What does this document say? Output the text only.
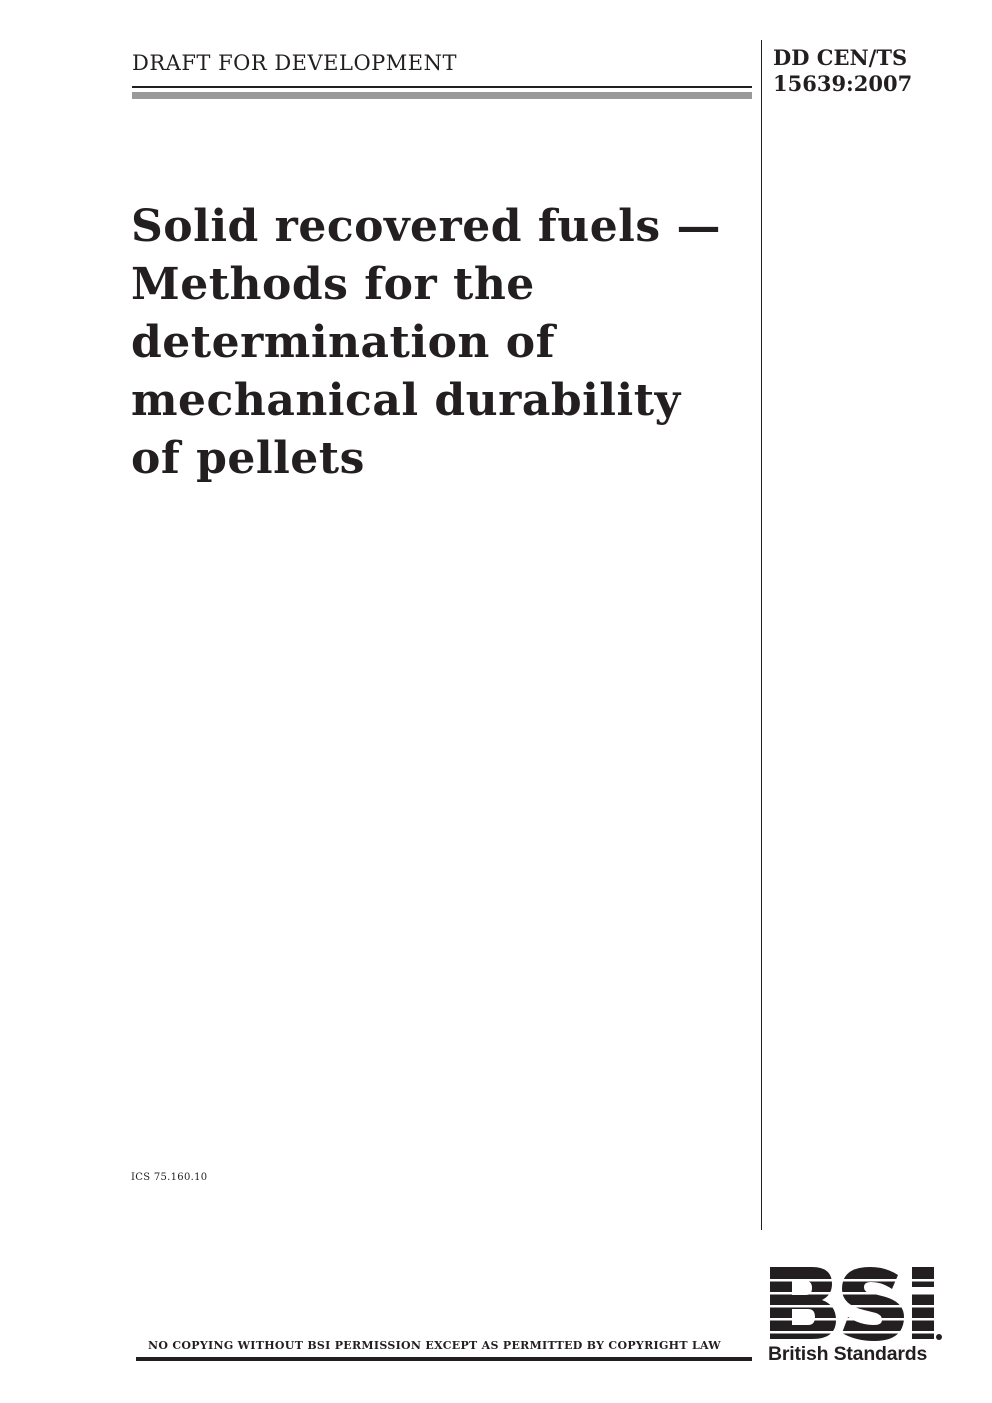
DRAFT FOR DEVELOPMENT	DD CEN/TS
15639:2007
Solid recovered fuels —
Methods for the
determination of
mechanical durability
of pellets
ICS 75.160.10
NO COPYING WITHOUT BSI PERMISSION EXCEPT AS PERMITTED BY COPYRIGHT LAW British Standards
